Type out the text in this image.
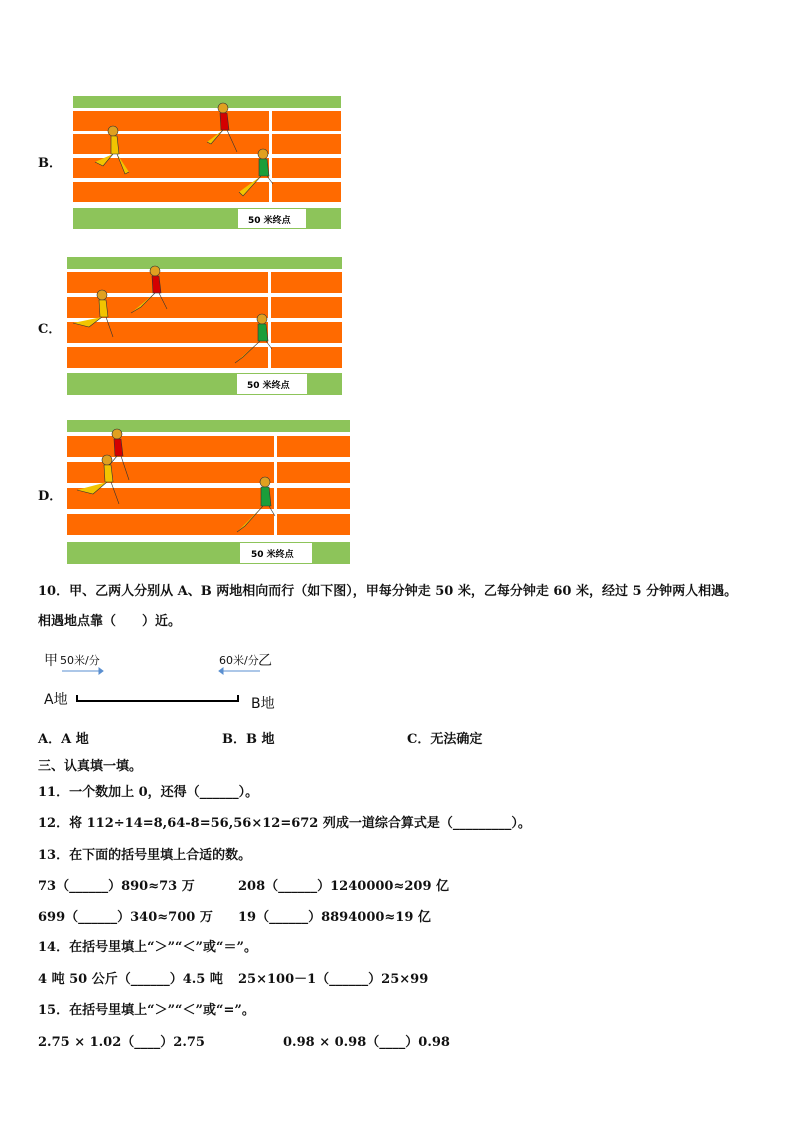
B．
50 米终点
C．
50 米终点
D．
50 米终点
10．甲、乙两人分别从 A、B 两地相向而行（如下图），甲每分钟走 50 米，乙每分钟走 60 米，经过 5 分钟两人相遇。
相遇地点靠（　　）近。
甲 50米/分	60米/分 乙
A地	B地
A．A 地	B．B 地	C．无法确定
三、认真填一填。
11．一个数加上 0，还得（______）。
12．将 112÷14=8,64-8=56,56×12=672 列成一道综合算式是（_________）。
13．在下面的括号里填上合适的数。
73（______）890≈73 万	208（______）1240000≈209 亿
699（______）340≈700 万 19（______）8894000≈19 亿
14．在括号里填上“＞”“＜”或“＝”。
4 吨 50 公斤（______）4.5 吨 25×100－1（______）25×99
15．在括号里填上“＞”“＜”或“=”。
2.75 × 1.02（____）2.75	0.98 × 0.98（____）0.98
